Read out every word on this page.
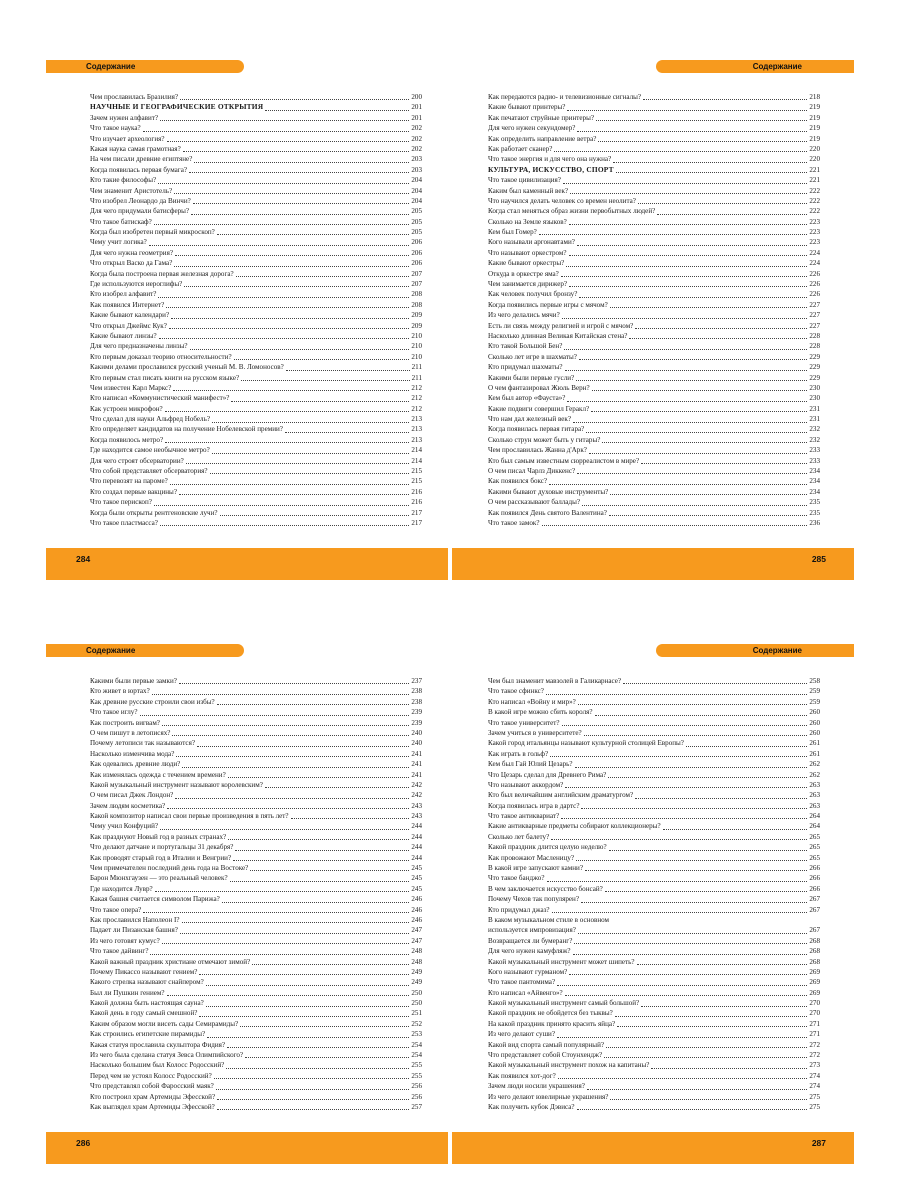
Содержание
Чем прославилась Бразилия?	200
НАУЧНЫЕ И ГЕОГРАФИЧЕСКИЕ ОТКРЫТИЯ	201
Зачем нужен алфавит?	201
Что такое наука?	202
Что изучает археология?	202
Какая наука самая грамотная?	202
На чем писали древние египтяне?	203
Когда появилась первая бумага?	203
Кто такие философы?	204
Чем знаменит Аристотель?	204
Что изобрел Леонардо да Винчи?	204
Для чего придумали батисферы?	205
Что такое батискаф?	205
Когда был изобретен первый микроскоп?	205
Чему учит логика?	206
Для чего нужна геометрия?	206
Что открыл Васко да Гама?	206
Когда была построена первая железная дорога?	207
Где используются иероглифы?	207
Кто изобрел алфавит?	208
Как появился Интернет?	208
Какие бывают календари?	209
Что открыл Джеймс Кук?	209
Какие бывают линзы?	210
Для чего предназначены линзы?	210
Кто первым доказал теорию относительности?	210
Какими делами прославился русский ученый М. В. Ломоносов?	211
Кто первым стал писать книги на русском языке?	211
Чем известен Карл Маркс?	212
Кто написал «Коммунистический манифест»?	212
Как устроен микрофон?	212
Что сделал для науки Альфред Нобель?	213
Кто определяет кандидатов на получение Нобелевской премии?	213
Когда появилось метро?	213
Где находится самое необычное метро?	214
Для чего строят обсерватории?	214
Что собой представляет обсерватория?	215
Что перевозят на пароме?	215
Кто создал первые вакцины?	216
Что такое перископ?	216
Когда были открыты рентгеновские лучи?	217
Что такое пластмасса?	217
284
Содержание
Как передаются радио- и телевизионные сигналы?	218
Какие бывают принтеры?	219
Как печатают струйные принтеры?	219
Для чего нужен секундомер?	219
Как определить направление ветра?	219
Как работает сканер?	220
Что такое энергия и для чего она нужна?	220
КУЛЬТУРА, ИСКУССТВО, СПОРТ	221
Что такое цивилизация?	221
Каким был каменный век?	222
Что научился делать человек со времен неолита?	222
Когда стал меняться образ жизни первобытных людей?	222
Сколько на Земле языков?	223
Кем был Гомер?	223
Кого называли аргонавтами?	223
Что называют оркестром?	224
Какие бывают оркестры?	224
Откуда в оркестре яма?	226
Чем занимается дирижер?	226
Как человек получил бронзу?	226
Когда появились первые игры с мячом?	227
Из чего делались мячи?	227
Есть ли связь между религией и игрой с мячом?	227
Насколько длинная Великая Китайская стена?	228
Кто такой Большой Бен?	228
Сколько лет игре в шахматы?	229
Кто придумал шахматы?	229
Какими были первые гусли?	229
О чем фантазировал Жюль Верн?	230
Кем был автор «Фауста»?	230
Какие подвиги совершил Геракл?	231
Что нам дал железный век?	231
Когда появилась первая гитара?	232
Сколько струн может быть у гитары?	232
Чем прославилась Жанна д'Арк?	233
Кто был самым известным сюрреалистом в мире?	233
О чем писал Чарлз Диккенс?	234
Как появился бокс?	234
Какими бывают духовые инструменты?	234
О чем рассказывают баллады?	235
Как появился День святого Валентина?	235
Что такое замок?	236
285
Содержание
Какими были первые замки?	237
Кто живет в юртах?	238
Как древние русские строили свои избы?	238
Что такое иглу?	239
Как построить вигвам?	239
О чем пишут в летописях?	240
Почему летописи так называются?	240
Насколько изменчива мода?	241
Как одевались древние люди?	241
Как изменялась одежда с течением времени?	241
Какой музыкальный инструмент называют королевским?	242
О чем писал Джек Лондон?	242
Зачем людям косметика?	243
Какой композитор написал свои первые произведения в пять лет?	243
Чему учил Конфуций?	244
Как празднуют Новый год в разных странах?	244
Что делают датчане и португальцы 31 декабря?	244
Как проводят старый год в Италии и Венгрии?	244
Чем примечателен последний день года на Востоке?	245
Барон Мюнхгаузен — это реальный человек?	245
Где находится Лувр?	245
Какая башня считается символом Парижа?	246
Что такое опера?	246
Как прославился Наполеон I?	246
Падает ли Пизанская башня?	247
Из чего готовят кумус?	247
Что такое дайвинг?	248
Какой важный праздник христиане отмечают зимой?	248
Почему Пикассо называют гением?	249
Какого стрелка называют снайпером?	249
Был ли Пушкин гением?	250
Какой должна быть настоящая сауна?	250
Какой день в году самый смешной?	251
Каким образом могли висеть сады Семирамиды?	252
Как строились египетские пирамиды?	253
Какая статуя прославила скульптора Фидия?	254
Из чего была сделана статуя Зевса Олимпийского?	254
Насколько большим был Колосс Родосский?	255
Перед чем не устоял Колосс Родосский?	255
Что представлял собой Фаросский маяк?	256
Кто построил храм Артемиды Эфесской?	256
Как выглядел храм Артемиды Эфесской?	257
286
Содержание
Чем был знаменит мавзолей в Галикарнасе?	258
Что такое сфинкс?	259
Кто написал «Войну и мир»?	259
В какой игре можно сбить короля?	260
Что такое университет?	260
Зачем учиться в университете?	260
Какой город итальянцы называют культурной столицей Европы?	261
Как играть в гольф?	261
Кем был Гай Юлий Цезарь?	262
Что Цезарь сделал для Древнего Рима?	262
Что называют аккордом?	263
Кто был величайшим английским драматургом?	263
Когда появилась игра в дартс?	263
Что такое антиквариат?	264
Какие антикварные предметы собирают коллекционеры?	264
Сколько лет балету?	265
Какой праздник длится целую неделю?	265
Как провожают Масленицу?	265
В какой игре запускают камни?	266
Что такое банджо?	266
В чем заключается искусство бонсай?	266
Почему Чехов так популярен?	267
Кто придумал джаз?	267
В каком музыкальном стиле в основном
используется импровизация?	267
Возвращается ли бумеранг?	268
Для чего нужен камуфляж?	268
Какой музыкальный инструмент может шипеть?	268
Кого называют гурманом?	269
Что такое пантомима?	269
Кто написал «Айвенго»?	269
Какой музыкальный инструмент самый большой?	270
Какой праздник не обойдется без тыквы?	270
На какой праздник принято красить яйца?	271
Из чего делают суши?	271
Какой вид спорта самый популярный?	272
Что представляет собой Стоунхендж?	272
Какой музыкальный инструмент похож на капитаны?	273
Как появился хот-дог?	274
Зачем люди носили украшения?	274
Из чего делают ювелирные украшения?	275
Как получить кубок Дэвиса?	275
287
